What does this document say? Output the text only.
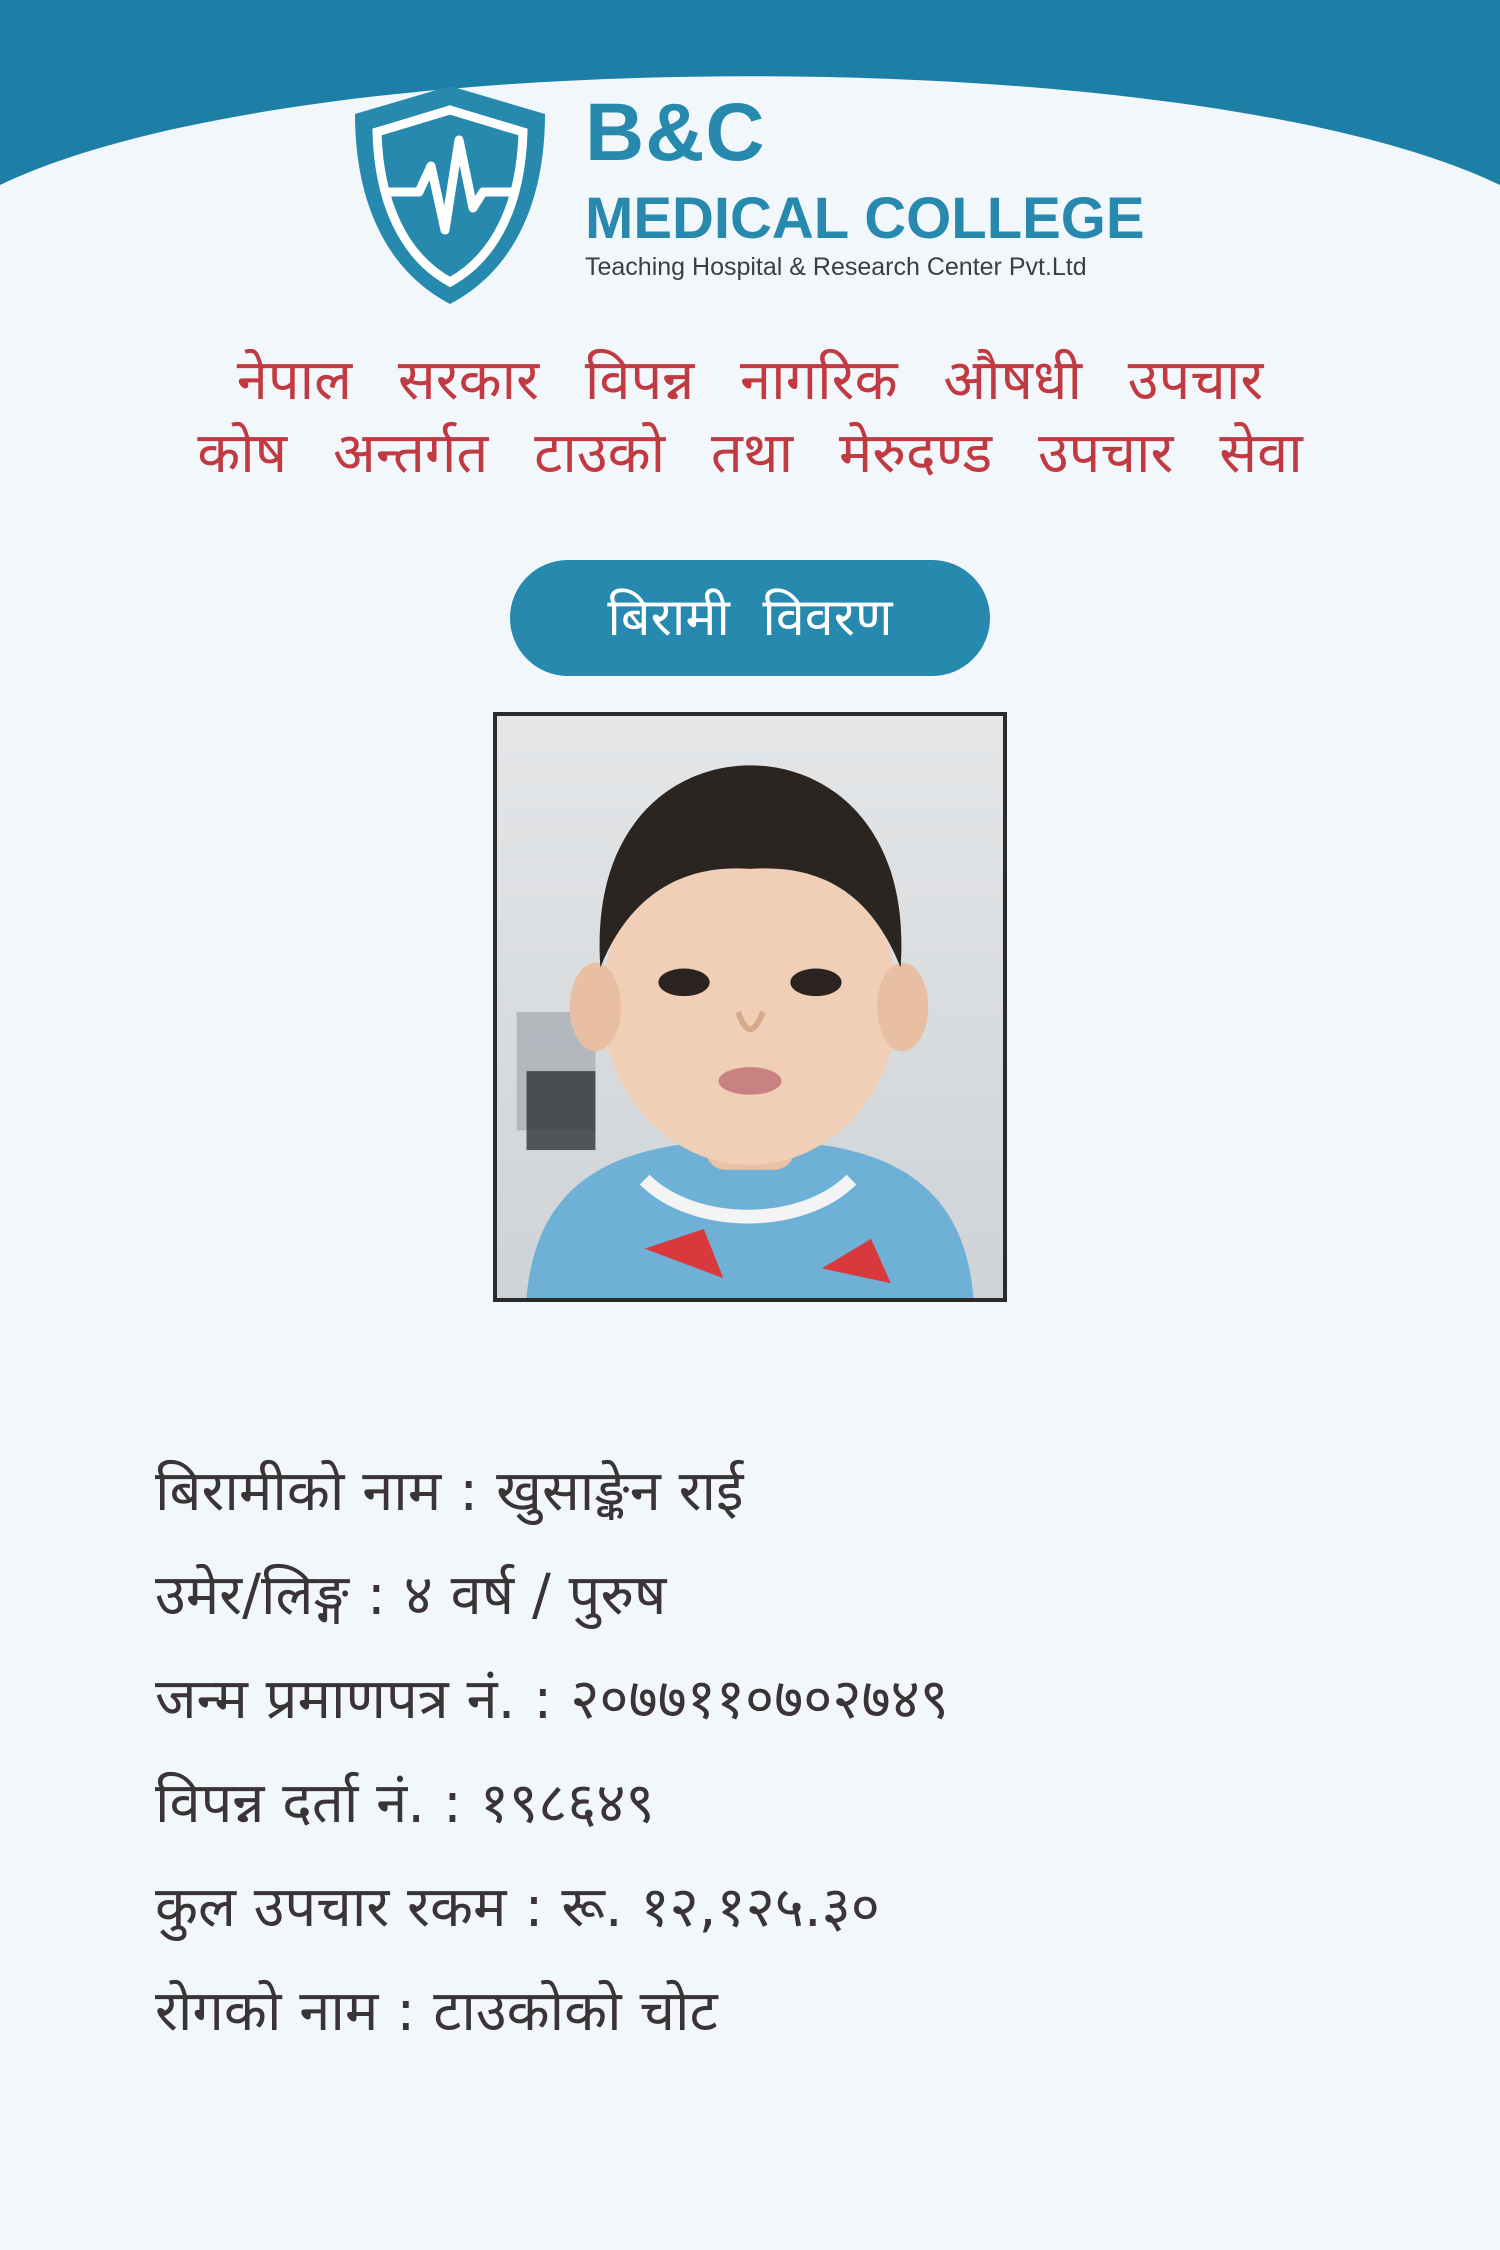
B&C
MEDICAL COLLEGE
Teaching Hospital & Research Center Pvt.Ltd
नेपाल सरकार विपन्न नागरिक औषधी उपचार
कोष अन्तर्गत टाउको तथा मेरुदण्ड उपचार सेवा
बिरामी विवरण
बिरामीको नाम : खुसाङ्केन राई
उमेर/लिङ्ग : ४ वर्ष / पुरुष
जन्म प्रमाणपत्र नं. : २०७७११०७०२७४९
विपन्न दर्ता नं. : १९८६४९
कुल उपचार रकम : रू. १२,१२५.३०
रोगको नाम : टाउकोको चोट
